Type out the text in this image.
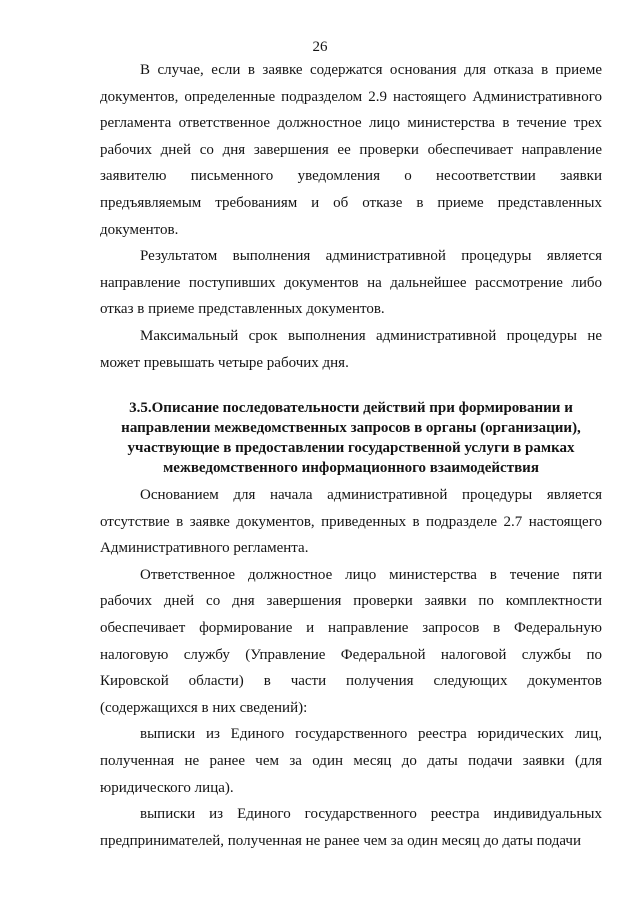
26

В случае, если в заявке содержатся основания для отказа в приеме документов, определенные подразделом 2.9 настоящего Административного регламента ответственное должностное лицо министерства в течение трех рабочих дней со дня завершения ее проверки обеспечивает направление заявителю письменного уведомления о несоответствии заявки предъявляемым требованиям и об отказе в приеме представленных документов.

Результатом выполнения административной процедуры является направление поступивших документов на дальнейшее рассмотрение либо отказ в приеме представленных документов.

Максимальный срок выполнения административной процедуры не может превышать четыре рабочих дня.

3.5.Описание последовательности действий при формировании и
направлении межведомственных запросов в органы (организации),
участвующие в предоставлении государственной услуги в рамках
межведомственного информационного взаимодействия

Основанием для начала административной процедуры является отсутствие в заявке документов, приведенных в подразделе 2.7 настоящего Административного регламента.

Ответственное должностное лицо министерства в течение пяти рабочих дней со дня завершения проверки заявки по комплектности обеспечивает формирование и направление запросов в Федеральную налоговую службу (Управление Федеральной налоговой службы по Кировской области) в части получения следующих документов (содержащихся в них сведений):

выписки из Единого государственного реестра юридических лиц, полученная не ранее чем за один месяц до даты подачи заявки (для юридического лица).

выписки из Единого государственного реестра индивидуальных предпринимателей, полученная не ранее чем за один месяц до даты подачи
